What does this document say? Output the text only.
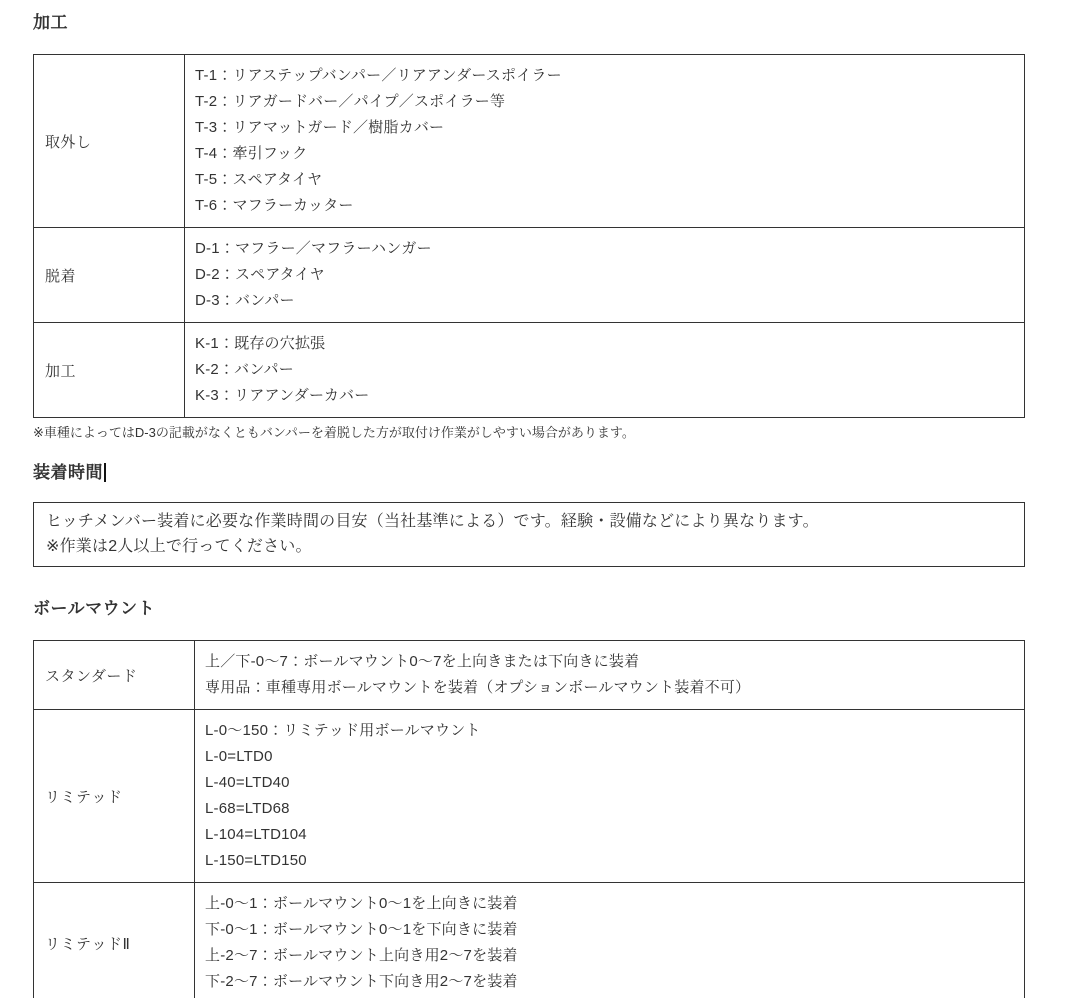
加工
取外し	
T-1：リアステップバンパー／リアアンダースポイラー
T-2：リアガードバー／パイプ／スポイラー等
T-3：リアマットガード／樹脂カバー
T-4：牽引フック
T-5：スペアタイヤ
T-6：マフラーカッター

脱着	D-1：マフラー／マフラーハンガー
D-2：スペアタイヤ
D-3：バンパー

加工	K-1：既存の穴拡張
K-2：バンパー
K-3：リアアンダーカバー

※車種によってはD-3の記載がなくともバンパーを着脱した方が取付け作業がしやすい場合があります。

装着時間
ヒッチメンバー装着に必要な作業時間の目安（当社基準による）です。経験・設備などにより異なります。
※作業は2人以上で行ってください。
ボールマウント
スタンダード	上／下-0～7：ボールマウント0～7を上向きまたは下向きに装着
専用品：車種専用ボールマウントを装着（オプションボールマウント装着不可）

リミテッド	
L-0～150：リミテッド用ボールマウント
L-0=LTD0
L-40=LTD40
L-68=LTD68
L-104=LTD104
L-150=LTD150

リミテッドⅡ	上-0～1：ボールマウント0～1を上向きに装着
下-0～1：ボールマウント0～1を下向きに装着
上-2～7：ボールマウント上向き用2～7を装着
下-2～7：ボールマウント下向き用2～7を装着
